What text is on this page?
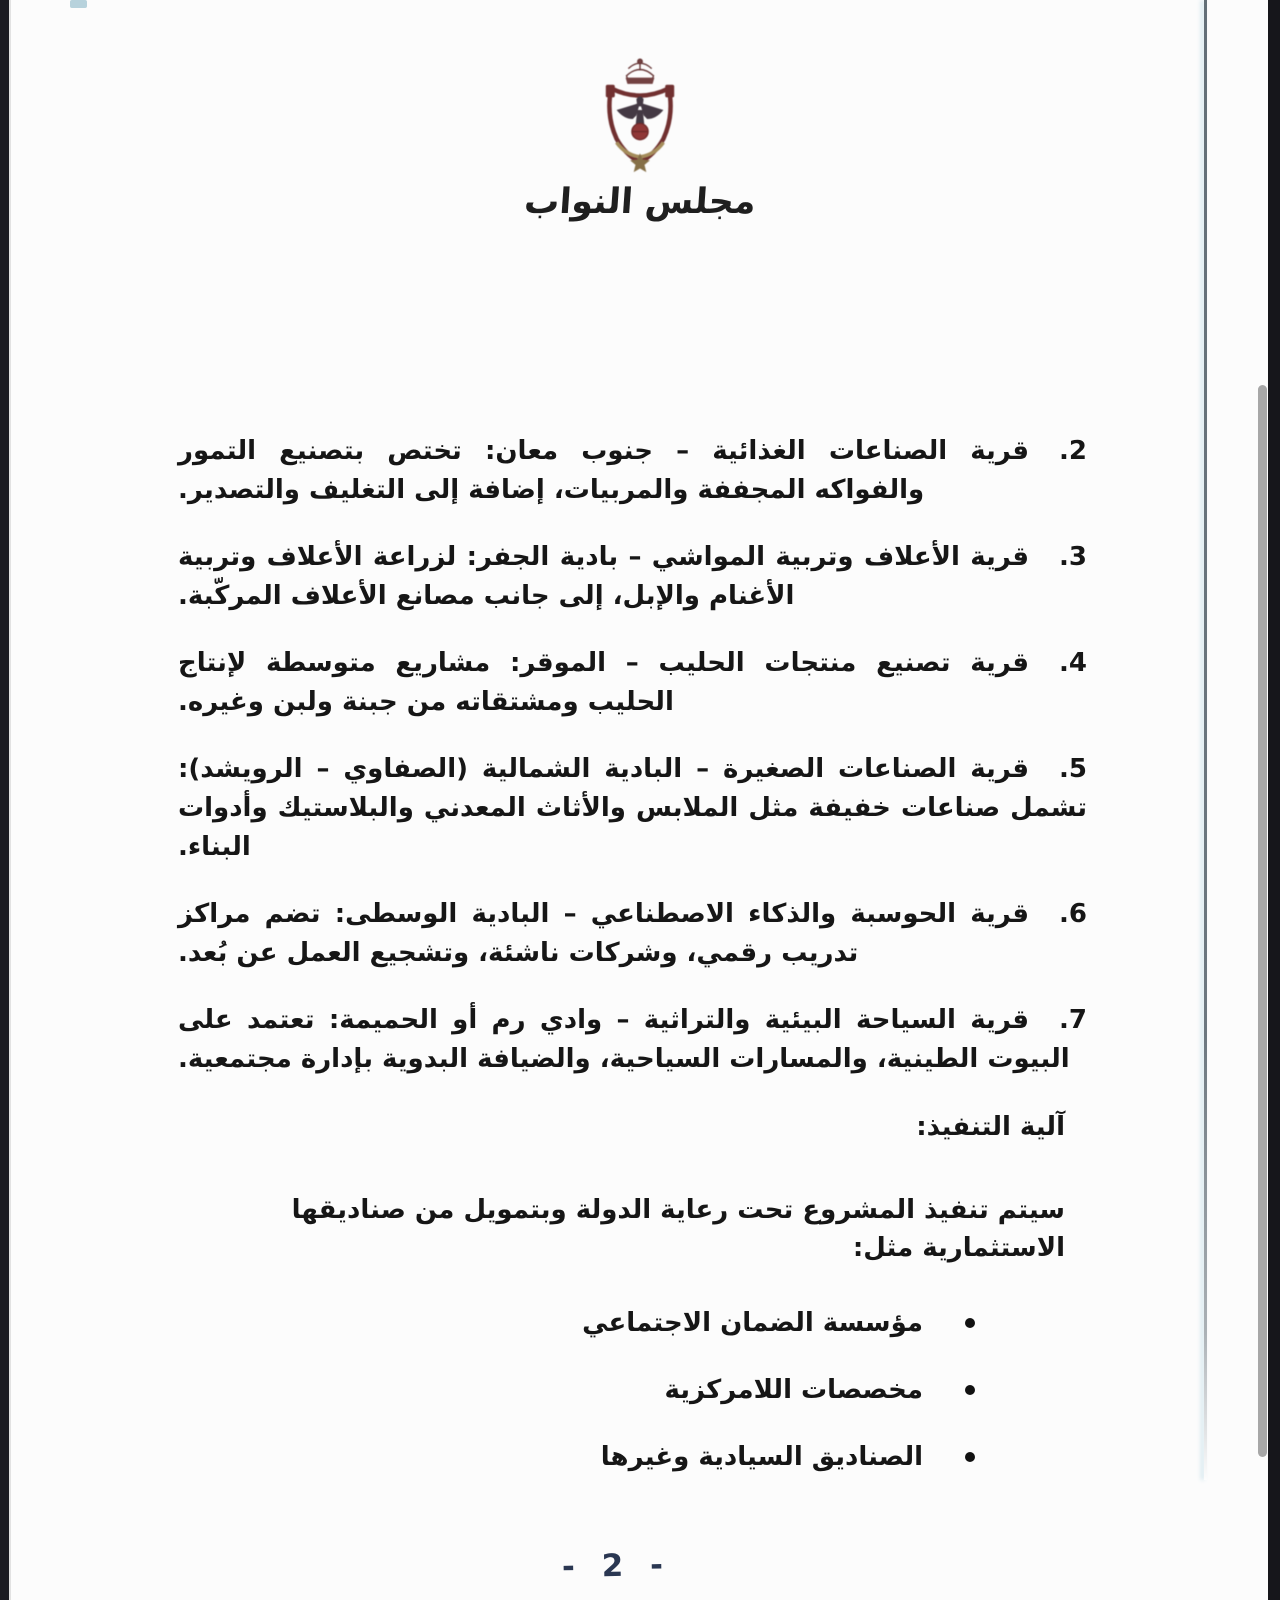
مجلس النواب

2.قرية الصناعات الغذائية – جنوب معان: تختص بتصنيع التمور والفواكه المجففة والمربيات، إضافة إلى التغليف والتصدير.

3.قرية الأعلاف وتربية المواشي – بادية الجفر: لزراعة الأعلاف وتربية الأغنام والإبل، إلى جانب مصانع الأعلاف المركّبة.

4.قرية تصنيع منتجات الحليب – الموقر: مشاريع متوسطة لإنتاج الحليب ومشتقاته من جبنة ولبن وغيره.

5.قرية الصناعات الصغيرة – البادية الشمالية (الصفاوي – الرويشد): تشمل صناعات خفيفة مثل الملابس والأثاث المعدني والبلاستيك وأدوات البناء.

6.قرية الحوسبة والذكاء الاصطناعي – البادية الوسطى: تضم مراكز تدريب رقمي، وشركات ناشئة، وتشجيع العمل عن بُعد.

7.قرية السياحة البيئية والتراثية – وادي رم أو الحميمة: تعتمد على البيوت الطينية، والمسارات السياحية، والضيافة البدوية بإدارة مجتمعية.

آلية التنفيذ:

سيتم تنفيذ المشروع تحت رعاية الدولة وبتمويل من صناديقها الاستثمارية مثل:

مؤسسة الضمان الاجتماعي
مخصصات اللامركزية
الصناديق السيادية وغيرها
- 2 -
